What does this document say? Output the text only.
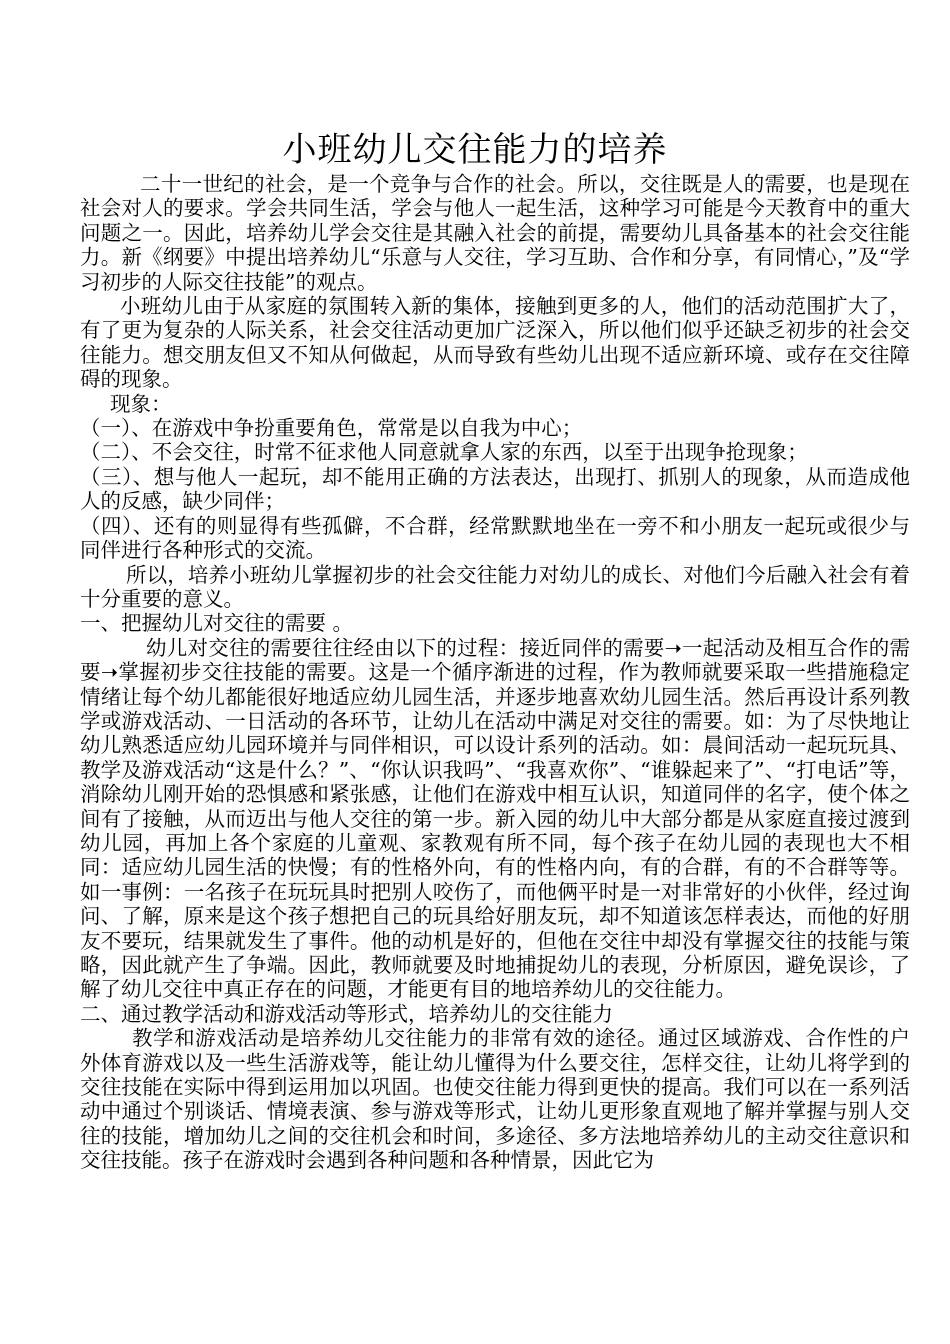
小班幼儿交往能力的培养

二十一世纪的社会，是一个竞争与合作的社会。所以，交往既是人的需要，也是现在社会对人的要求。学会共同生活，学会与他人一起生活，这种学习可能是今天教育中的重大问题之一。因此，培养幼儿学会交往是其融入社会的前提，需要幼儿具备基本的社会交往能力。新《纲要》中提出培养幼儿“乐意与人交往，学习互助、合作和分享，有同情心，”及“学习初步的人际交往技能”的观点。

小班幼儿由于从家庭的氛围转入新的集体，接触到更多的人，他们的活动范围扩大了，有了更为复杂的人际关系，社会交往活动更加广泛深入，所以他们似乎还缺乏初步的社会交往能力。想交朋友但又不知从何做起，从而导致有些幼儿出现不适应新环境、或存在交往障碍的现象。

现象：

（一）、在游戏中争扮重要角色，常常是以自我为中心；

（二）、不会交往，时常不征求他人同意就拿人家的东西，以至于出现争抢现象；

（三）、想与他人一起玩，却不能用正确的方法表达，出现打、抓别人的现象，从而造成他人的反感，缺少同伴；

（四）、还有的则显得有些孤僻，不合群，经常默默地坐在一旁不和小朋友一起玩或很少与同伴进行各种形式的交流。

所以，培养小班幼儿掌握初步的社会交往能力对幼儿的成长、对他们今后融入社会有着十分重要的意义。

一、把握幼儿对交往的需要 。

幼儿对交往的需要往往经由以下的过程：接近同伴的需要➝一起活动及相互合作的需要➝掌握初步交往技能的需要。这是一个循序渐进的过程，作为教师就要采取一些措施稳定情绪让每个幼儿都能很好地适应幼儿园生活，并逐步地喜欢幼儿园生活。然后再设计系列教学或游戏活动、一日活动的各环节，让幼儿在活动中满足对交往的需要。如：为了尽快地让幼儿熟悉适应幼儿园环境并与同伴相识，可以设计系列的活动。如：晨间活动一起玩玩具、教学及游戏活动“这是什么？”、“你认识我吗”、“我喜欢你”、“谁躲起来了”、“打电话”等，消除幼儿刚开始的恐惧感和紧张感，让他们在游戏中相互认识，知道同伴的名字，使个体之间有了接触，从而迈出与他人交往的第一步。新入园的幼儿中大部分都是从家庭直接过渡到幼儿园，再加上各个家庭的儿童观、家教观有所不同，每个孩子在幼儿园的表现也大不相同：适应幼儿园生活的快慢；有的性格外向，有的性格内向，有的合群，有的不合群等等。如一事例：一名孩子在玩玩具时把别人咬伤了，而他俩平时是一对非常好的小伙伴，经过询问、了解，原来是这个孩子想把自己的玩具给好朋友玩，却不知道该怎样表达，而他的好朋友不要玩，结果就发生了事件。他的动机是好的，但他在交往中却没有掌握交往的技能与策略，因此就产生了争端。因此，教师就要及时地捕捉幼儿的表现，分析原因，避免误诊，了解了幼儿交往中真正存在的问题，才能更有目的地培养幼儿的交往能力。

二、通过教学活动和游戏活动等形式，培养幼儿的交往能力

教学和游戏活动是培养幼儿交往能力的非常有效的途径。通过区域游戏、合作性的户外体育游戏以及一些生活游戏等，能让幼儿懂得为什么要交往，怎样交往，让幼儿将学到的交往技能在实际中得到运用加以巩固。也使交往能力得到更快的提高。我们可以在一系列活动中通过个别谈话、情境表演、参与游戏等形式，让幼儿更形象直观地了解并掌握与别人交往的技能，增加幼儿之间的交往机会和时间，多途径、多方法地培养幼儿的主动交往意识和交往技能。孩子在游戏时会遇到各种问题和各种情景，因此它为
